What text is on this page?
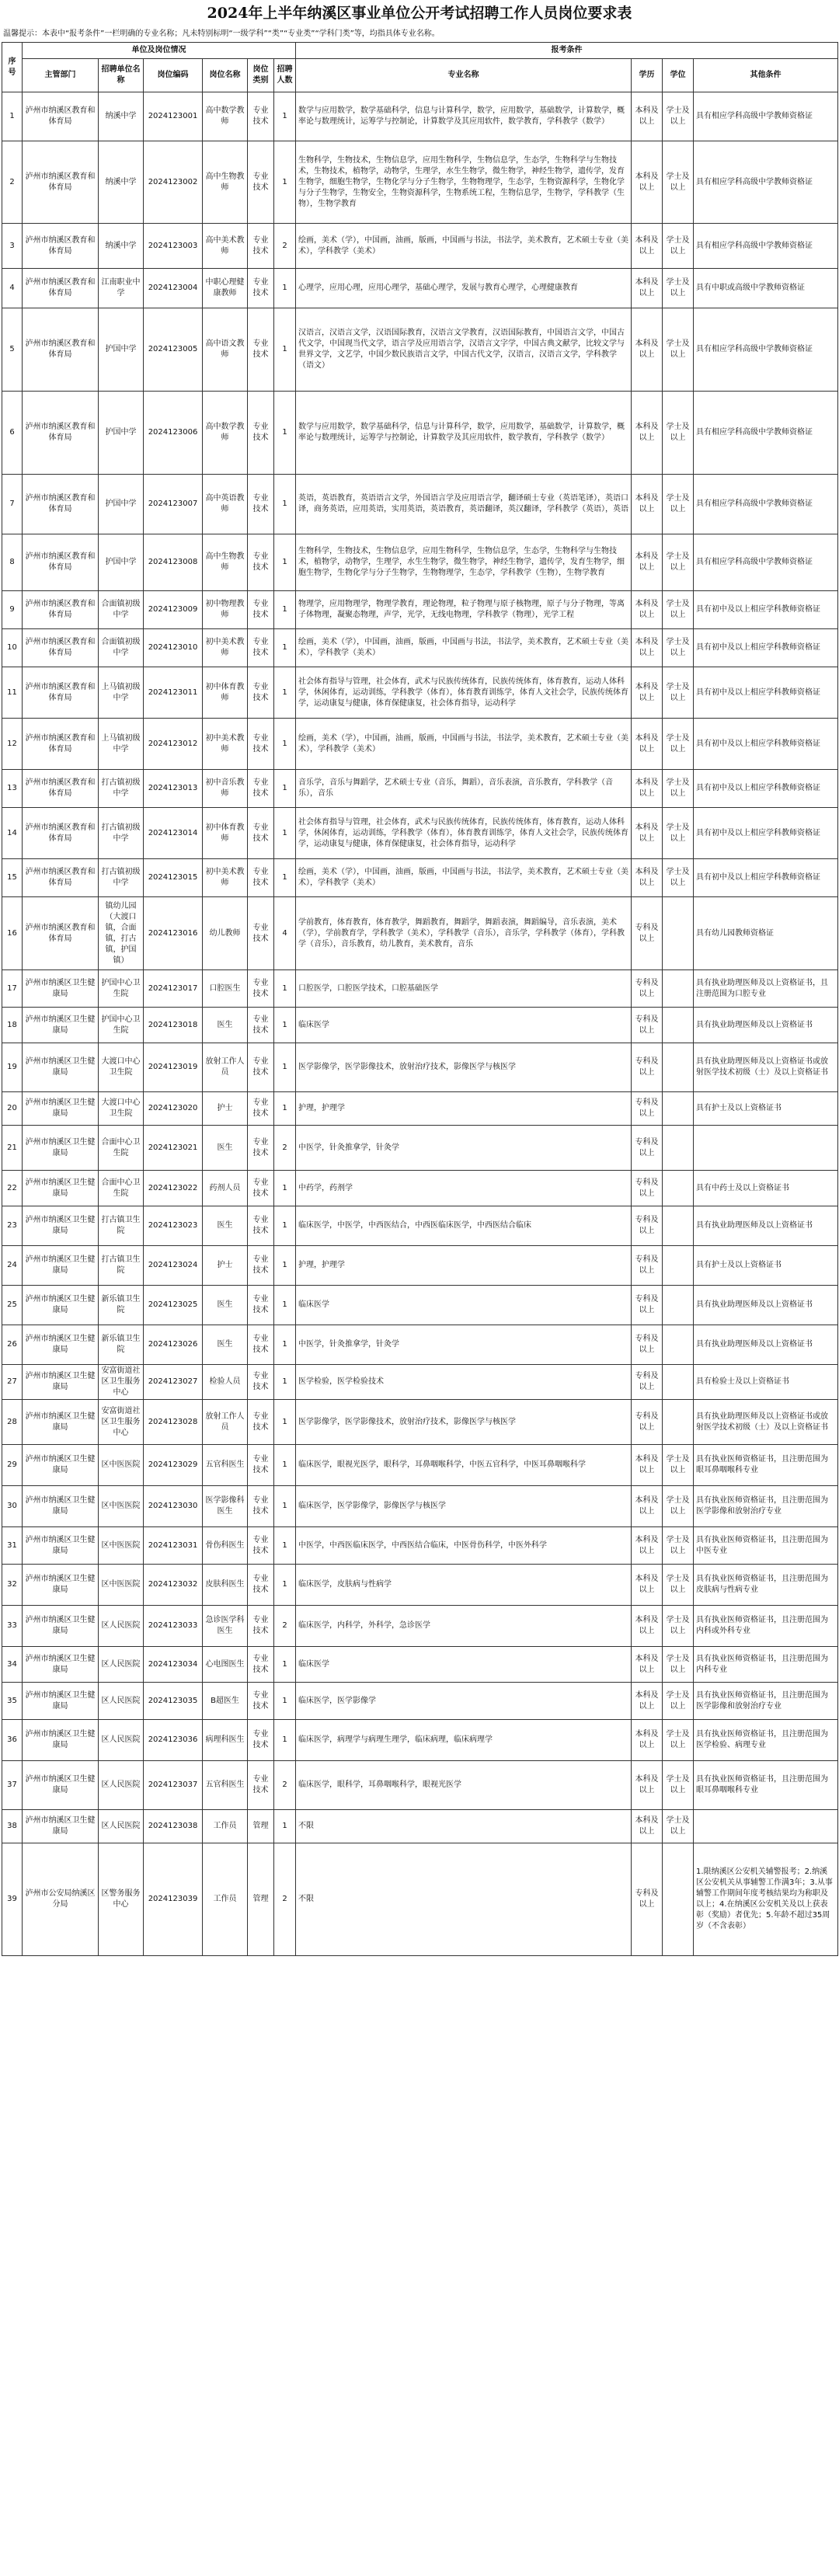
2024年上半年纳溪区事业单位公开考试招聘工作人员岗位要求表
温馨提示：本表中“报考条件”一栏明确的专业名称；凡未特别标明“一级学科”“类”“专业类”“学科门类”等，均指具体专业名称。
序号	单位及岗位情况						报考条件			
	主管部门	招聘单位名称	岗位编码	岗位名称	岗位类别	招聘人数	专业名称	学历	学位	其他条件
1	泸州市纳溪区教育和体育局	纳溪中学	2024123001	高中数学教师	专业技术	1	数学与应用数学，数学基础科学，信息与计算科学，数学，应用数学，基础数学，计算数学，概率论与数理统计，运筹学与控制论，计算数学及其应用软件，数学教育，学科教学（数学）	本科及以上	学士及以上	具有相应学科高级中学教师资格证
2	泸州市纳溪区教育和体育局	纳溪中学	2024123002	高中生物教师	专业技术	1	生物科学，生物技术，生物信息学，应用生物科学，生物信息学，生态学，生物科学与生物技术，生物技术，植物学，动物学，生理学，水生生物学，微生物学，神经生物学，遗传学，发育生物学，细胞生物学，生物化学与分子生物学，生物物理学，生态学，生物资源科学，生物化学与分子生物学，生物安全，生物资源科学，生物系统工程，生物信息学，生物学，学科教学（生物），生物学教育	本科及以上	学士及以上	具有相应学科高级中学教师资格证
3	泸州市纳溪区教育和体育局	纳溪中学	2024123003	高中美术教师	专业技术	2	绘画，美术（学），中国画，油画，版画，中国画与书法，书法学，美术教育，艺术硕士专业（美术），学科教学（美术）	本科及以上	学士及以上	具有相应学科高级中学教师资格证
4	泸州市纳溪区教育和体育局	江南职业中学	2024123004	中职心理健康教师	专业技术	1	心理学，应用心理，应用心理学，基础心理学，发展与教育心理学，心理健康教育	本科及以上	学士及以上	具有中职或高级中学教师资格证
5	泸州市纳溪区教育和体育局	护国中学	2024123005	高中语文教师	专业技术	1	汉语言，汉语言文学，汉语国际教育，汉语言文学教育，汉语国际教育，中国语言文学，中国古代文学，中国现当代文学，语言学及应用语言学，汉语言文字学，中国古典文献学，比较文学与世界文学，文艺学，中国少数民族语言文学，中国古代文学，汉语言，汉语言文学，学科教学（语文）	本科及以上	学士及以上	具有相应学科高级中学教师资格证
6	泸州市纳溪区教育和体育局	护国中学	2024123006	高中数学教师	专业技术	1	数学与应用数学，数学基础科学，信息与计算科学，数学，应用数学，基础数学，计算数学，概率论与数理统计，运筹学与控制论，计算数学及其应用软件，数学教育，学科教学（数学）	本科及以上	学士及以上	具有相应学科高级中学教师资格证
7	泸州市纳溪区教育和体育局	护国中学	2024123007	高中英语教师	专业技术	1	英语，英语教育，英语语言文学，外国语言学及应用语言学，翻译硕士专业（英语笔译），英语口译，商务英语，应用英语，实用英语，英语教育，英语翻译，英汉翻译，学科教学（英语），英语	本科及以上	学士及以上	具有相应学科高级中学教师资格证
8	泸州市纳溪区教育和体育局	护国中学	2024123008	高中生物教师	专业技术	1	生物科学，生物技术，生物信息学，应用生物科学，生物信息学，生态学，生物科学与生物技术，植物学，动物学，生理学，水生生物学，微生物学，神经生物学，遗传学，发育生物学，细胞生物学，生物化学与分子生物学，生物物理学，生态学，学科教学（生物），生物学教育	本科及以上	学士及以上	具有相应学科高级中学教师资格证
9	泸州市纳溪区教育和体育局	合面镇初级中学	2024123009	初中物理教师	专业技术	1	物理学，应用物理学，物理学教育，理论物理，粒子物理与原子核物理，原子与分子物理，等离子体物理，凝聚态物理，声学，光学，无线电物理，学科教学（物理），光学工程	本科及以上	学士及以上	具有初中及以上相应学科教师资格证
10	泸州市纳溪区教育和体育局	合面镇初级中学	2024123010	初中美术教师	专业技术	1	绘画，美术（学），中国画，油画，版画，中国画与书法，书法学，美术教育，艺术硕士专业（美术），学科教学（美术）	本科及以上	学士及以上	具有初中及以上相应学科教师资格证
11	泸州市纳溪区教育和体育局	上马镇初级中学	2024123011	初中体育教师	专业技术	1	社会体育指导与管理，社会体育，武术与民族传统体育，民族传统体育，体育教育，运动人体科学，休闲体育，运动训练，学科教学（体育），体育教育训练学，体育人文社会学，民族传统体育学，运动康复与健康，体育保健康复，社会体育指导，运动科学	本科及以上	学士及以上	具有初中及以上相应学科教师资格证
12	泸州市纳溪区教育和体育局	上马镇初级中学	2024123012	初中美术教师	专业技术	1	绘画，美术（学），中国画，油画，版画，中国画与书法，书法学，美术教育，艺术硕士专业（美术），学科教学（美术）	本科及以上	学士及以上	具有初中及以上相应学科教师资格证
13	泸州市纳溪区教育和体育局	打古镇初级中学	2024123013	初中音乐教师	专业技术	1	音乐学，音乐与舞蹈学，艺术硕士专业（音乐，舞蹈），音乐表演，音乐教育，学科教学（音乐），音乐	本科及以上	学士及以上	具有初中及以上相应学科教师资格证
14	泸州市纳溪区教育和体育局	打古镇初级中学	2024123014	初中体育教师	专业技术	1	社会体育指导与管理，社会体育，武术与民族传统体育，民族传统体育，体育教育，运动人体科学，休闲体育，运动训练，学科教学（体育），体育教育训练学，体育人文社会学，民族传统体育学，运动康复与健康，体育保健康复，社会体育指导，运动科学	本科及以上	学士及以上	具有初中及以上相应学科教师资格证
15	泸州市纳溪区教育和体育局	打古镇初级中学	2024123015	初中美术教师	专业技术	1	绘画，美术（学），中国画，油画，版画，中国画与书法，书法学，美术教育，艺术硕士专业（美术），学科教学（美术）	本科及以上	学士及以上	具有初中及以上相应学科教师资格证
16	泸州市纳溪区教育和体育局	镇幼儿园（大渡口镇，合面镇，打古镇，护国镇）	2024123016	幼儿教师	专业技术	4	学前教育，体育教育，体育教学，舞蹈教育，舞蹈学，舞蹈表演，舞蹈编导，音乐表演，美术（学），学前教育学，学科教学（美术），学科教学（音乐），音乐学，学科教学（体育），学科教学（音乐），音乐教育，幼儿教育，美术教育，音乐	专科及以上		具有幼儿园教师资格证
17	泸州市纳溪区卫生健康局	护国中心卫生院	2024123017	口腔医生	专业技术	1	口腔医学，口腔医学技术，口腔基础医学	专科及以上		具有执业助理医师及以上资格证书，且注册范围为口腔专业
18	泸州市纳溪区卫生健康局	护国中心卫生院	2024123018	医生	专业技术	1	临床医学	专科及以上		具有执业助理医师及以上资格证书
19	泸州市纳溪区卫生健康局	大渡口中心卫生院	2024123019	放射工作人员	专业技术	1	医学影像学，医学影像技术，放射治疗技术，影像医学与核医学	专科及以上		具有执业助理医师及以上资格证书或放射医学技术初级（士）及以上资格证书
20	泸州市纳溪区卫生健康局	大渡口中心卫生院	2024123020	护士	专业技术	1	护理，护理学	专科及以上		具有护士及以上资格证书
21	泸州市纳溪区卫生健康局	合面中心卫生院	2024123021	医生	专业技术	2	中医学，针灸推拿学，针灸学	专科及以上		
22	泸州市纳溪区卫生健康局	合面中心卫生院	2024123022	药剂人员	专业技术	1	中药学，药剂学	专科及以上		具有中药士及以上资格证书
23	泸州市纳溪区卫生健康局	打古镇卫生院	2024123023	医生	专业技术	1	临床医学，中医学，中西医结合，中西医临床医学，中西医结合临床	专科及以上		具有执业助理医师及以上资格证书
24	泸州市纳溪区卫生健康局	打古镇卫生院	2024123024	护士	专业技术	1	护理，护理学	专科及以上		具有护士及以上资格证书
25	泸州市纳溪区卫生健康局	新乐镇卫生院	2024123025	医生	专业技术	1	临床医学	专科及以上		具有执业助理医师及以上资格证书
26	泸州市纳溪区卫生健康局	新乐镇卫生院	2024123026	医生	专业技术	1	中医学，针灸推拿学，针灸学	专科及以上		具有执业助理医师及以上资格证书
27	泸州市纳溪区卫生健康局	安富街道社区卫生服务中心	2024123027	检验人员	专业技术	1	医学检验，医学检验技术	专科及以上		具有检验士及以上资格证书
28	泸州市纳溪区卫生健康局	安富街道社区卫生服务中心	2024123028	放射工作人员	专业技术	1	医学影像学，医学影像技术，放射治疗技术，影像医学与核医学	专科及以上		具有执业助理医师及以上资格证书或放射医学技术初级（士）及以上资格证书
29	泸州市纳溪区卫生健康局	区中医医院	2024123029	五官科医生	专业技术	1	临床医学，眼视光医学，眼科学，耳鼻咽喉科学，中医五官科学，中医耳鼻咽喉科学	本科及以上	学士及以上	具有执业医师资格证书，且注册范围为眼耳鼻咽喉科专业
30	泸州市纳溪区卫生健康局	区中医医院	2024123030	医学影像科医生	专业技术	1	临床医学，医学影像学，影像医学与核医学	本科及以上	学士及以上	具有执业医师资格证书，且注册范围为医学影像和放射治疗专业
31	泸州市纳溪区卫生健康局	区中医医院	2024123031	骨伤科医生	专业技术	1	中医学，中西医临床医学，中西医结合临床，中医骨伤科学，中医外科学	本科及以上	学士及以上	具有执业医师资格证书，且注册范围为中医专业
32	泸州市纳溪区卫生健康局	区中医医院	2024123032	皮肤科医生	专业技术	1	临床医学，皮肤病与性病学	本科及以上	学士及以上	具有执业医师资格证书，且注册范围为皮肤病与性病专业
33	泸州市纳溪区卫生健康局	区人民医院	2024123033	急诊医学科医生	专业技术	2	临床医学，内科学，外科学，急诊医学	本科及以上	学士及以上	具有执业医师资格证书，且注册范围为内科或外科专业
34	泸州市纳溪区卫生健康局	区人民医院	2024123034	心电图医生	专业技术	1	临床医学	本科及以上	学士及以上	具有执业医师资格证书，且注册范围为内科专业
35	泸州市纳溪区卫生健康局	区人民医院	2024123035	B超医生	专业技术	1	临床医学，医学影像学	本科及以上	学士及以上	具有执业医师资格证书，且注册范围为医学影像和放射治疗专业
36	泸州市纳溪区卫生健康局	区人民医院	2024123036	病理科医生	专业技术	1	临床医学，病理学与病理生理学，临床病理，临床病理学	本科及以上	学士及以上	具有执业医师资格证书，且注册范围为医学检验、病理专业
37	泸州市纳溪区卫生健康局	区人民医院	2024123037	五官科医生	专业技术	2	临床医学，眼科学，耳鼻咽喉科学，眼视光医学	本科及以上	学士及以上	具有执业医师资格证书，且注册范围为眼耳鼻咽喉科专业
38	泸州市纳溪区卫生健康局	区人民医院	2024123038	工作员	管理	1	不限	本科及以上	学士及以上	
39	泸州市公安局纳溪区分局	区警务服务中心	2024123039	工作员	管理	2	不限	专科及以上		1.限纳溪区公安机关辅警报考；2.纳溪区公安机关从事辅警工作满3年；3.从事辅警工作期间年度考核结果均为称职及以上；4.在纳溪区公安机关及以上获表彰（奖励）者优先；5.年龄不超过35周岁（不含表彰）
